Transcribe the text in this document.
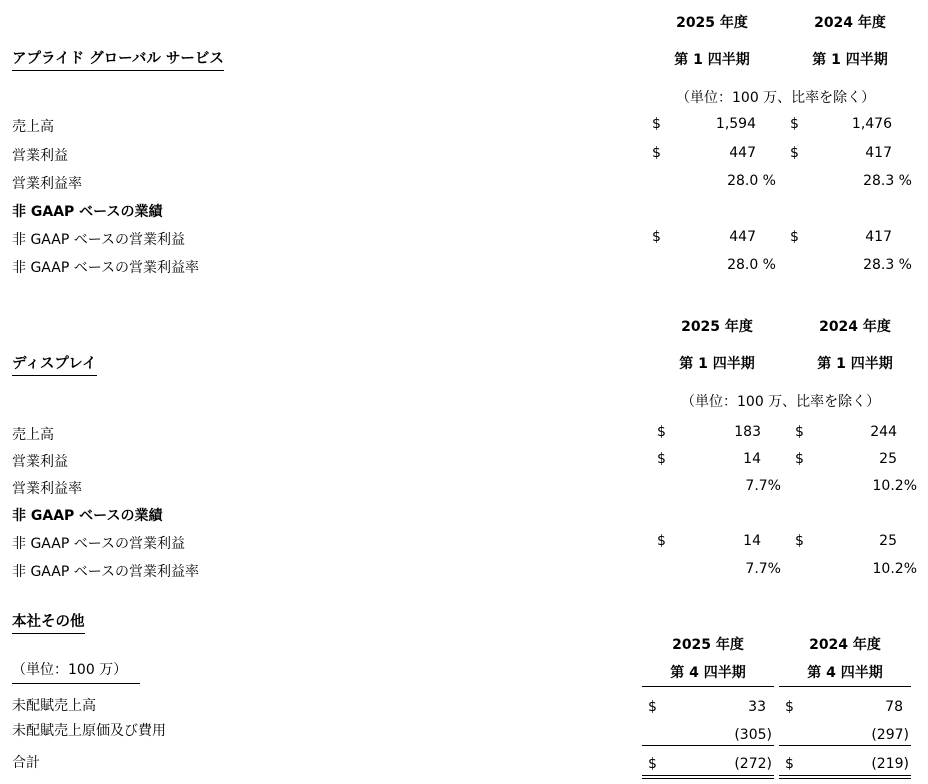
2025 年度	2024 年度
アプライド グローバル サービス	第 1 四半期	第 1 四半期
（単位：100 万、比率を除く）
売上高	$	1,594 $	1,476
営業利益	$	447 $	417
営業利益率	28.0 %	28.3 %
非 GAAP ベースの業績
非 GAAP ベースの営業利益	$	447 $	417
非 GAAP ベースの営業利益率	28.0 %	28.3 %
2025 年度	2024 年度
ディスプレイ	第 1 四半期	第 1 四半期
（単位：100 万、比率を除く）
売上高	$	183 $	244
営業利益	$	14 $	25
営業利益率	7.7%	10.2%
非 GAAP ベースの業績
非 GAAP ベースの営業利益	$	14 $	25
非 GAAP ベースの営業利益率	7.7%	10.2%
本社その他
2025 年度	2024 年度
（単位：100 万）	第 4 四半期	第 4 四半期
未配賦売上高	$	33 $	78
未配賦売上原価及び費用	(305)	(297)
合計	$	(272) $	(219)
